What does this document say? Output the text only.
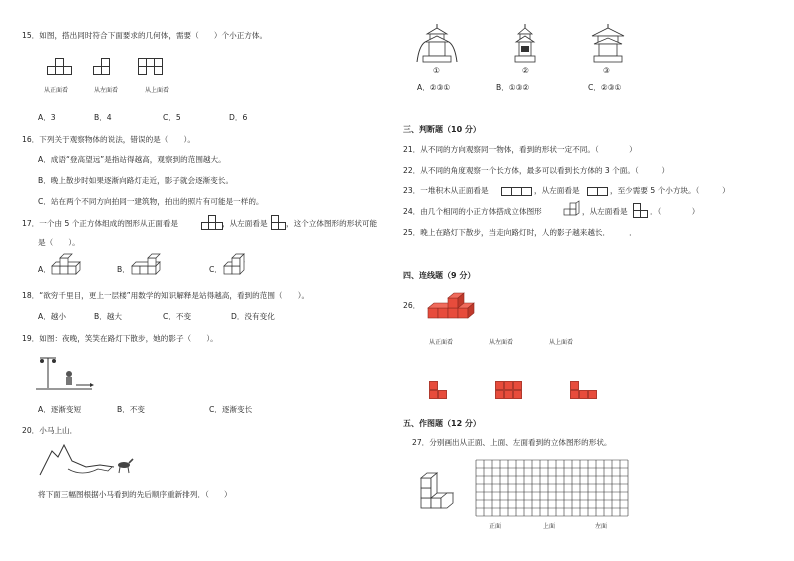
15．如图，搭出同时符合下面要求的几何体，需要（　　）个小正方体。
从正面看	从左面看	从上面看
A．3	B．4	C．5	D．6
16．下列关于观察物体的说法，错误的是（　　）。
A．成语“登高望远”是指站得越高，观察到的范围越大。
B．晚上散步时如果逐渐向路灯走近，影子就会逐渐变长。
C．站在两个不同方向拍同一建筑物，拍出的照片有可能是一样的。
17．一个由 5 个正方体组成的图形从正面看是	，从左面看是 ，这个立体图形的形状可能
是（　　）。
A．	B．	C．
18．“欲穷千里目，更上一层楼”用数学的知识解释是站得越高，看到的范围（　　）。
A．越小	B．越大	C．不变	D．没有变化
19．如图：夜晚，笑笑在路灯下散步，她的影子（　　）。
A．逐渐变短	B．不变	C．逐渐变长
20．小马上山．
将下面三幅图根据小马看到的先后顺序重新排列．（　　）
①	②	③
A．②③①	B．①③②	C．②③①
三、判断题（10 分）
21．从不同的方向观察同一物体，看到的形状一定不同。（　　　　）
22．从不同的角度观察一个长方体，最多可以看到长方体的 3 个面。（　　　）
23．一堆积木从正面看是	，从左面看是	，至少需要 5 个小方块。（　　　）
24．由几个相同的小正方体搭成立体图形	，从左面看是	．（　　　　）
25．晚上在路灯下散步，当走向路灯时，人的影子越来越长．　　　．
四、连线题（9 分）
26．
从正面看	从左面看	从上面看
五、作图题（12 分）
27．分别画出从正面、上面、左面看到的立体图形的形状。
正面	上面	左面
